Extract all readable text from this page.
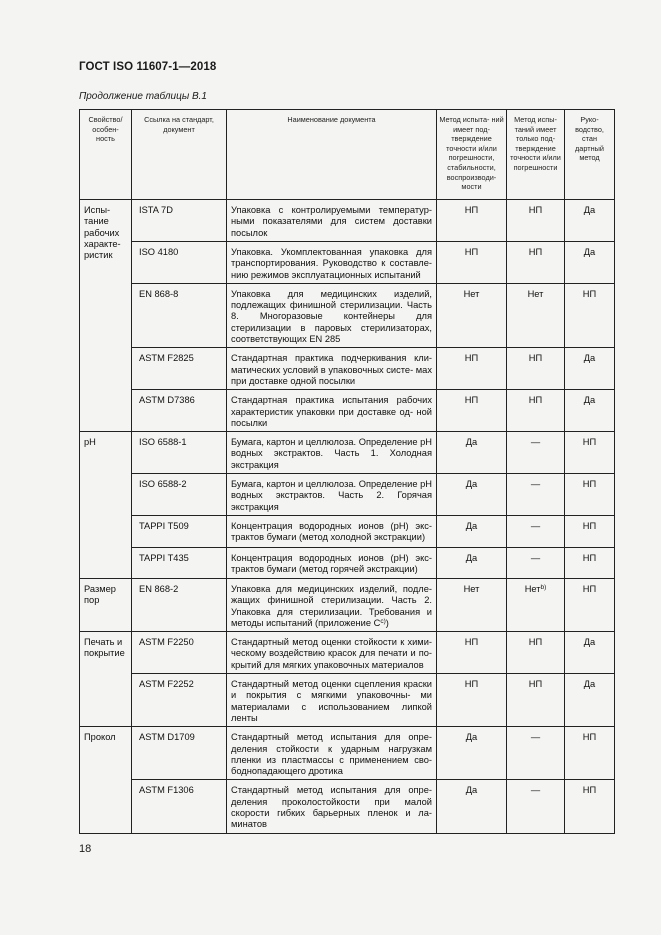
ГОСТ ISO 11607-1—2018
Продолжение таблицы В.1
Свойство/ особен- ность	Ссылка на стандарт, документ	Наименование документа	Метод испыта- ний имеет под- тверждение точности и/или погрешности, стабильности, воспроизводи- мости	Метод испы- таний имеет только под- тверждение точности и/или погрешности	Руко- водство, стан дартный метод
Испы- тание рабочих характе- ристик	ISTA 7D	Упаковка с контролируемыми температур- ными показателями для систем доставки посылок	НП	НП	Да
	ISO 4180	Упаковка. Укомплектованная упаковка для транспортирования. Руководство к составле- нию режимов эксплуатационных испытаний	НП	НП	Да
	EN 868-8	Упаковка для медицинских изделий, подлежащих финишной стерилизации. Часть 8. Многоразовые контейнеры для стерилизации в паровых стерилизаторах, соответствующих EN 285	Нет	Нет	НП
	ASTM F2825	Стандартная практика подчеркивания кли- матических условий в упаковочных систе- мах при доставке одной посылки	НП	НП	Да
	ASTM D7386	Стандартная практика испытания рабочих характеристик упаковки при доставке од- ной посылки	НП	НП	Да
pH	ISO 6588-1	Бумага, картон и целлюлоза. Определение pH водных экстрактов. Часть 1. Холодная экстракция	Да	—	НП
	ISO 6588-2	Бумага, картон и целлюлоза. Определение pH водных экстрактов. Часть 2. Горячая экстракция	Да	—	НП
	TAPPI T509	Концентрация водородных ионов (pH) экс- трактов бумаги (метод холодной экстракции)	Да	—	НП
	TAPPI T435	Концентрация водородных ионов (pH) экс- трактов бумаги (метод горячей экстракции)	Да	—	НП
Размер пор	EN 868-2	Упаковка для медицинских изделий, подле- жащих финишной стерилизации. Часть 2. Упаковка для стерилизации. Требования и методы испытаний (приложение $C^{c)}$)	Нет	Нет$^{b)}$	НП
Печать и покрытие	ASTM F2250	Стандартный метод оценки стойкости к хими- ческому воздействию красок для печати и по- крытий для мягких упаковочных материалов	НП	НП	Да
	ASTM F2252	Стандартный метод оценки сцепления краски и покрытия с мягкими упаковочны- ми материалами с использованием липкой ленты	НП	НП	Да
Прокол	ASTM D1709	Стандартный метод испытания для опре- деления стойкости к ударным нагрузкам пленки из пластмассы с применением сво- боднопадающего дротика	Да	—	НП
	ASTM F1306	Стандартный метод испытания для опре- деления проколостойкости при малой скорости гибких барьерных пленок и ла- минатов	Да	—	НП
18
